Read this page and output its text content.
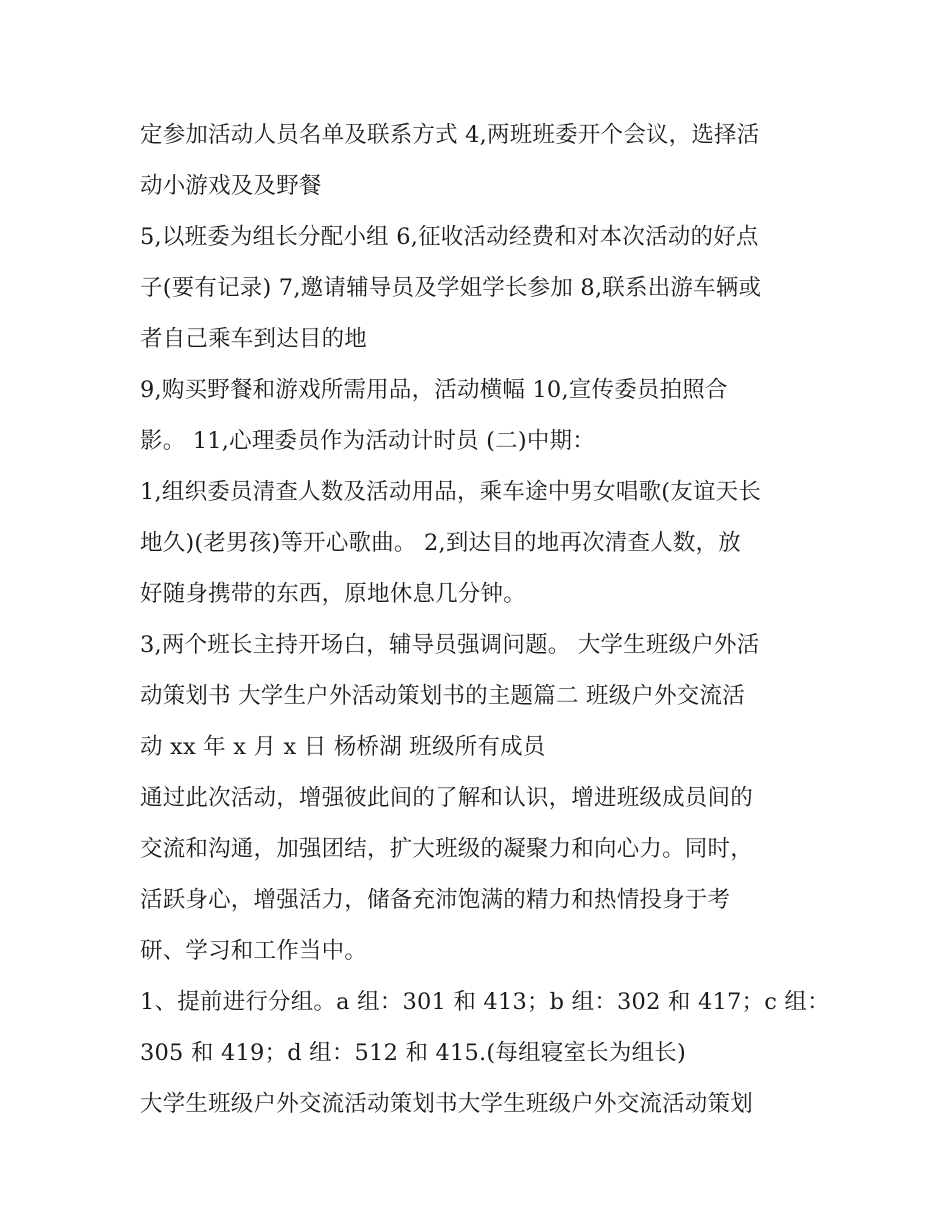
定参加活动人员名单及联系方式 4,两班班委开个会议，选择活
动小游戏及及野餐
5,以班委为组长分配小组 6,征收活动经费和对本次活动的好点
子(要有记录) 7,邀请辅导员及学姐学长参加 8,联系出游车辆或
者自己乘车到达目的地
9,购买野餐和游戏所需用品，活动横幅 10,宣传委员拍照合
影。 11,心理委员作为活动计时员 (二)中期：
1,组织委员清查人数及活动用品，乘车途中男女唱歌(友谊天长
地久)(老男孩)等开心歌曲。 2,到达目的地再次清查人数，放
好随身携带的东西，原地休息几分钟。
3,两个班长主持开场白，辅导员强调问题。 大学生班级户外活
动策划书 大学生户外活动策划书的主题篇二 班级户外交流活
动 xx 年 x 月 x 日 杨桥湖 班级所有成员
通过此次活动，增强彼此间的了解和认识，增进班级成员间的
交流和沟通，加强团结，扩大班级的凝聚力和向心力。同时，
活跃身心，增强活力，储备充沛饱满的精力和热情投身于考
研、学习和工作当中。
1、提前进行分组。a 组：301 和 413；b 组：302 和 417；c 组：
305 和 419；d 组：512 和 415.(每组寝室长为组长)
大学生班级户外交流活动策划书大学生班级户外交流活动策划
